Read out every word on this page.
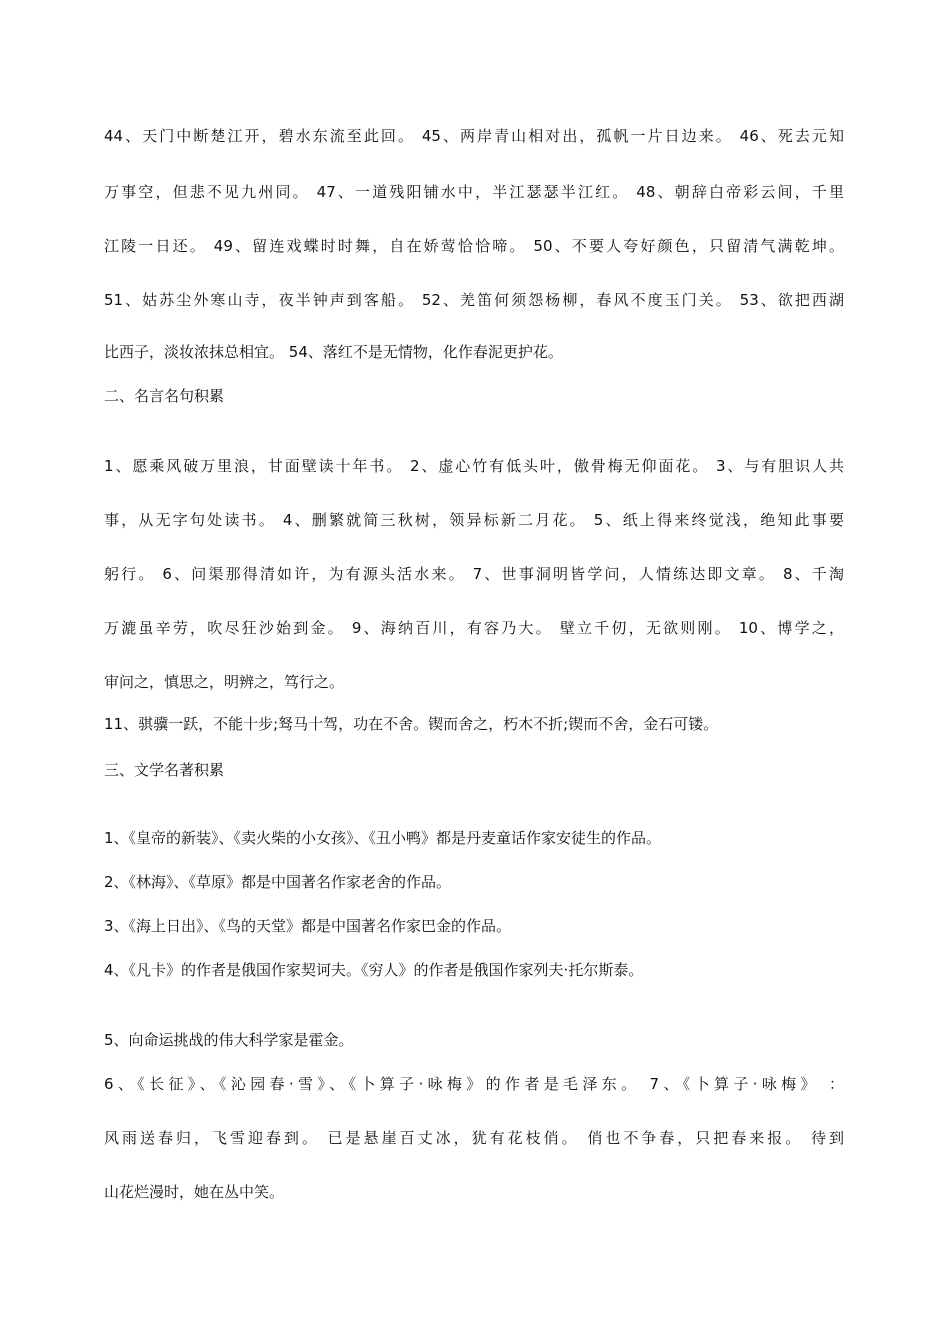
44、天门中断楚江开，碧水东流至此回。 45、两岸青山相对出，孤帆一片日边来。 46、死去元知
万事空，但悲不见九州同。 47、一道残阳铺水中，半江瑟瑟半江红。 48、朝辞白帝彩云间，千里
江陵一日还。 49、留连戏蝶时时舞，自在娇莺恰恰啼。 50、不要人夸好颜色，只留清气满乾坤。
51、姑苏尘外寒山寺，夜半钟声到客船。 52、羌笛何须怨杨柳，春风不度玉门关。 53、欲把西湖
比西子，淡妆浓抹总相宜。 54、落红不是无情物，化作春泥更护花。
二、名言名句积累
1、愿乘风破万里浪，甘面壁读十年书。 2、虚心竹有低头叶，傲骨梅无仰面花。 3、与有胆识人共
事，从无字句处读书。 4、删繁就简三秋树，领异标新二月花。 5、纸上得来终觉浅，绝知此事要
躬行。 6、问渠那得清如许，为有源头活水来。 7、世事洞明皆学问，人情练达即文章。 8、千淘
万漉虽辛劳，吹尽狂沙始到金。 9、海纳百川，有容乃大。 壁立千仞，无欲则刚。 10、博学之，
审问之，慎思之，明辨之，笃行之。
11、骐骥一跃，不能十步;驽马十驾，功在不舍。锲而舍之，朽木不折;锲而不舍，金石可镂。
三、文学名著积累
1、《皇帝的新装》、《卖火柴的小女孩》、《丑小鸭》都是丹麦童话作家安徒生的作品。
2、《林海》、《草原》都是中国著名作家老舍的作品。
3、《海上日出》、《鸟的天堂》都是中国著名作家巴金的作品。
4、《凡卡》的作者是俄国作家契诃夫。《穷人》的作者是俄国作家列夫·托尔斯泰。
5、向命运挑战的伟大科学家是霍金。
6、《长征》、《沁园春·雪》、《卜算子·咏梅》的作者是毛泽东。 7、《卜算子·咏梅》 ：
风雨送春归，飞雪迎春到。 已是悬崖百丈冰，犹有花枝俏。 俏也不争春，只把春来报。 待到
山花烂漫时，她在丛中笑。
